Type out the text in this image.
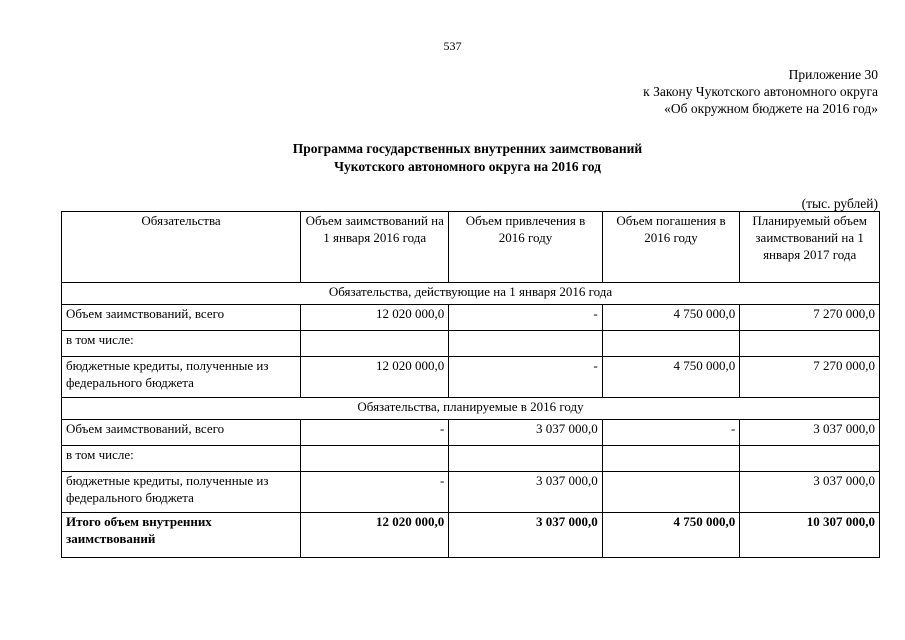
537
Приложение 30
к Закону Чукотского автономного округа
«Об окружном бюджете на 2016 год»
Программа государственных внутренних заимствований
Чукотского автономного округа на 2016 год
(тыс. рублей)
Обязательства	Объем заимствований на 1 января 2016 года	Объем привлечения в 2016 году	Объем погашения в 2016 году	Планируемый объем заимствований на 1 января 2017 года
Обязательства, действующие на 1 января 2016 года				
Объем заимствований, всего	12 020 000,0	-	4 750 000,0	7 270 000,0
в том числе:				
бюджетные кредиты, полученные из федерального бюджета	12 020 000,0	-	4 750 000,0	7 270 000,0
Обязательства, планируемые в 2016 году				
Объем заимствований, всего	-	3 037 000,0	-	3 037 000,0
в том числе:				
бюджетные кредиты, полученные из федерального бюджета	-	3 037 000,0		3 037 000,0
Итого объем внутренних заимствований	12 020 000,0	3 037 000,0	4 750 000,0	10 307 000,0
